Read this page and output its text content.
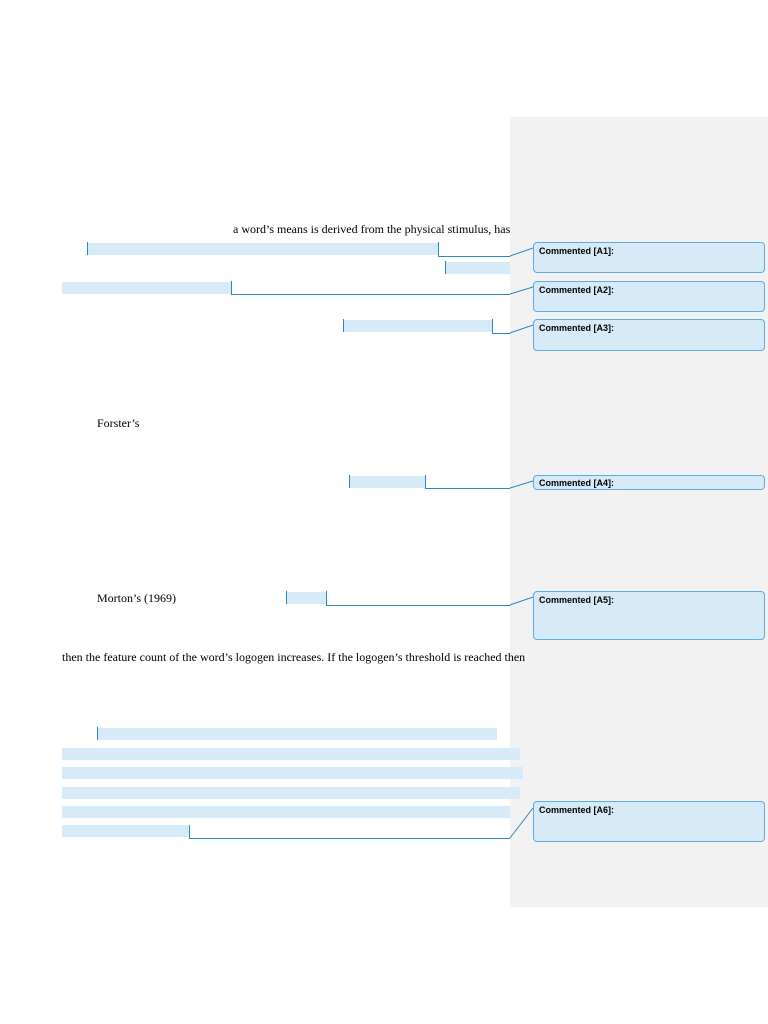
a word’s means is derived from the physical stimulus, has
Forster’s
Morton’s (1969)
then the feature count of the word’s logogen increases. If the logogen’s threshold is reached then
Commented [A1]:
Commented [A2]:
Commented [A3]:
Commented [A4]:
Commented [A5]:
Commented [A6]:
